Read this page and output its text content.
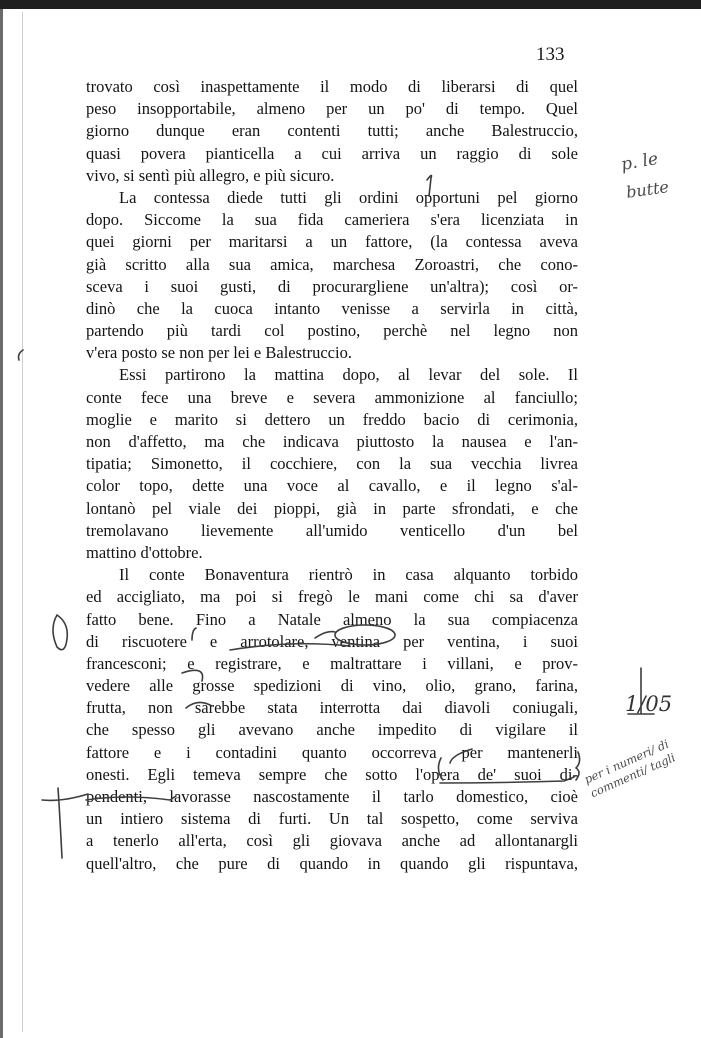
133
trovato così inaspettamente il modo di liberarsi di quel
peso insopportabile, almeno per un po' di tempo. Quel
giorno dunque eran contenti tutti; anche Balestruccio,
quasi povera pianticella a cui arriva un raggio di sole
vivo, si sentì più allegro, e più sicuro.
La contessa diede tutti gli ordini opportuni pel giorno
dopo. Siccome la sua fida cameriera s'era licenziata in
quei giorni per maritarsi a un fattore, (la contessa aveva
già scritto alla sua amica, marchesa Zoroastri, che cono-
sceva i suoi gusti, di procurargliene un'altra); così or-
dinò che la cuoca intanto venisse a servirla in città,
partendo più tardi col postino, perchè nel legno non
v'era posto se non per lei e Balestruccio.
Essi partirono la mattina dopo, al levar del sole. Il
conte fece una breve e severa ammonizione al fanciullo;
moglie e marito si dettero un freddo bacio di cerimonia,
non d'affetto, ma che indicava piuttosto la nausea e l'an-
tipatia; Simonetto, il cocchiere, con la sua vecchia livrea
color topo, dette una voce al cavallo, e il legno s'al-
lontanò pel viale dei pioppi, già in parte sfrondati, e che
tremolavano lievemente all'umido venticello d'un bel
mattino d'ottobre.
Il conte Bonaventura rientrò in casa alquanto torbido
ed accigliato, ma poi si fregò le mani come chi sa d'aver
fatto bene. Fino a Natale almeno la sua compiacenza
di riscuotere e arrotolare, ventina per ventina, i suoi
francesconi; e registrare, e maltrattare i villani, e prov-
vedere alle grosse spedizioni di vino, olio, grano, farina,
frutta, non sarebbe stata interrotta dai diavoli coniugali,
che spesso gli avevano anche impedito di vigilare il
fattore e i contadini quanto occorreva per mantenerli
onesti. Egli temeva sempre che sotto l'opera de' suoi di-
pendenti, lavorasse nascostamente il tarlo domestico, cioè
un intiero sistema di furti. Un tal sospetto, come serviva
a tenerlo all'erta, così gli giovava anche ad allontanargli
quell'altro, che pure di quando in quando gli rispuntava,
p. le
butte
1/05
per i numeri/ di commenti/ tagli
